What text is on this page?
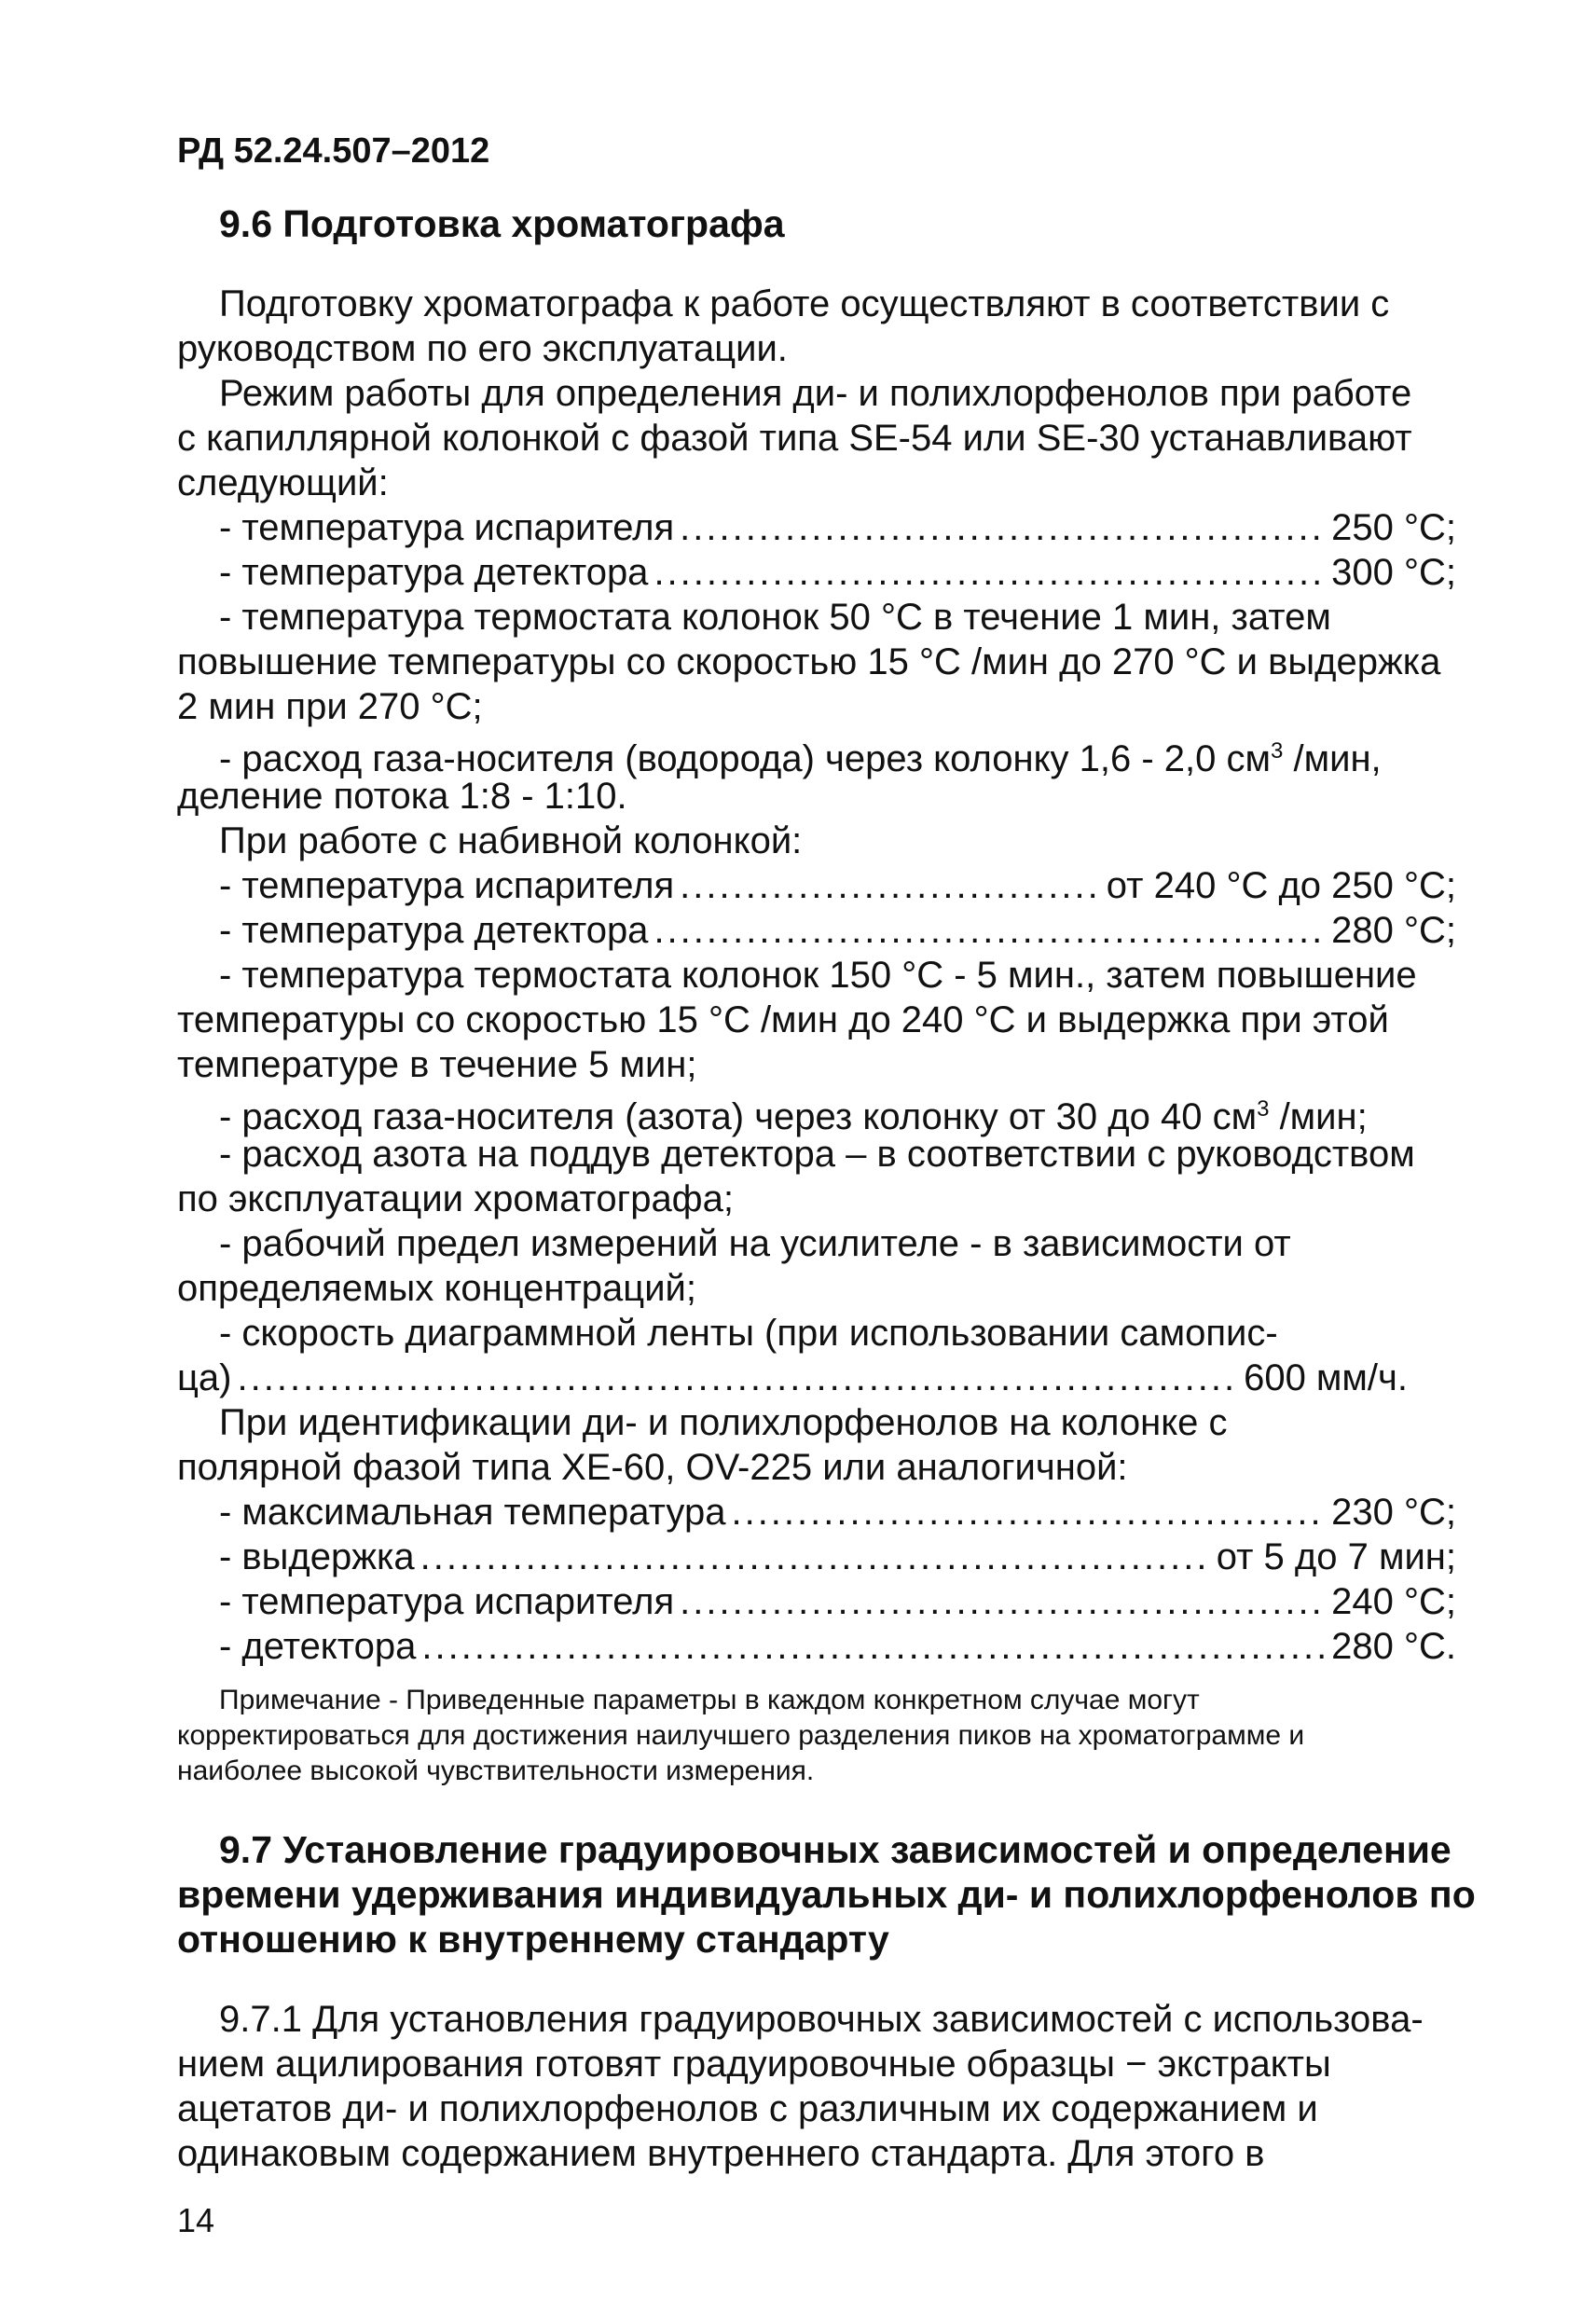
РД 52.24.507–2012
9.6 Подготовка хроматографа
Подготовку хроматографа к работе осуществляют в соответствии с
руководством по его эксплуатации.
Режим работы для определения ди- и полихлорфенолов при работе
с капиллярной колонкой с фазой типа SE-54 или SE-30 устанавливают
следующий:
- температура испарителя .....	250 °С;
- температура детектора .....	300 °С;
- температура термостата колонок 50 °С в течение 1 мин, затем
повышение температуры со скоростью 15 °С /мин до 270 °С и выдержка
2 мин при 270 °С;
- расход газа-носителя (водорода) через колонку 1,6 - 2,0 $см^3$ /мин,
деление потока 1:8 - 1:10.
При работе с набивной колонкой:
- температура испарителя .....	от 240 °С до 250 °С;
- температура детектора .....	280 °С;
- температура термостата колонок 150 °С - 5 мин., затем повышение
температуры со скоростью 15 °С /мин до 240 °С и выдержка при этой
температуре в течение 5 мин;
- расход газа-носителя (азота) через колонку от 30 до 40 $см^3$ /мин;
- расход азота на поддув детектора – в соответствии с руководством
по эксплуатации хроматографа;
- рабочий предел измерений на усилителе - в зависимости от
определяемых концентраций;
- скорость диаграммной ленты (при использовании самопис-
ца) .....	600 мм/ч.
При идентификации ди- и полихлорфенолов на колонке с
полярной фазой типа ХЕ-60, OV-225 или аналогичной:
- максимальная температура .....	230 °С;
- выдержка .....	от 5 до 7 мин;
- температура испарителя .....	240 °С;
- детектора .....	280 °С.
Примечание - Приведенные параметры в каждом конкретном случае могут
корректироваться для достижения наилучшего разделения пиков на хроматограмме и
наиболее высокой чувствительности измерения.
9.7 Установление градуировочных зависимостей и определение
времени удерживания индивидуальных ди- и полихлорфенолов по
отношению к внутреннему стандарту
9.7.1 Для установления градуировочных зависимостей с использова-
нием ацилирования готовят градуировочные образцы − экстракты
ацетатов ди- и полихлорфенолов с различным их содержанием и
одинаковым содержанием внутреннего стандарта. Для этого в
14
